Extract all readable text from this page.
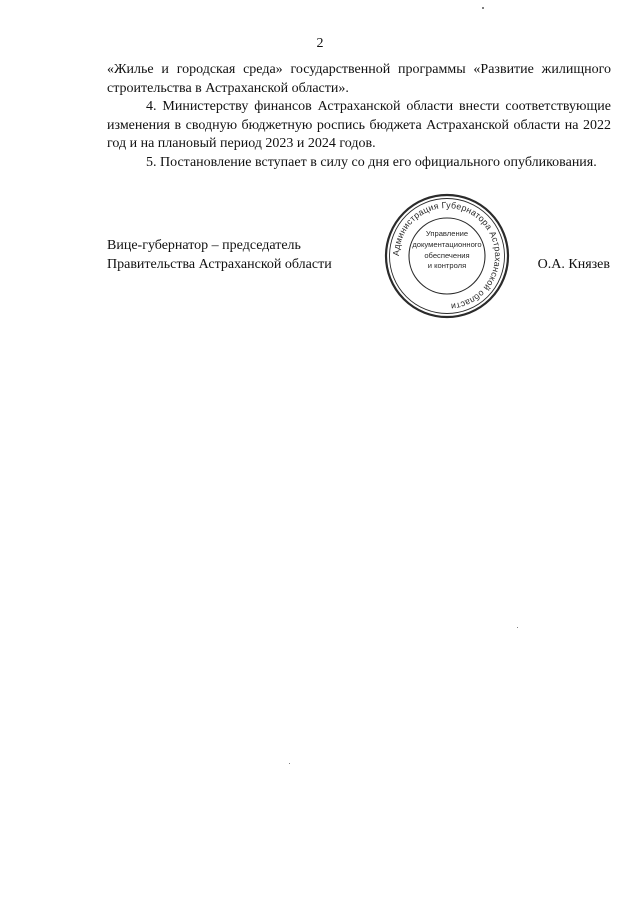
2

«Жилье и городская среда» государственной программы «Развитие жилищного строительства в Астраханской области».

4. Министерству финансов Астраханской области внести соответствующие изменения в сводную бюджетную роспись бюджета Астраханской области на 2022 год и на плановый период 2023 и 2024 годов.

5. Постановление вступает в силу со дня его официального опубликования.

Вице-губернатор – председатель
Правительства Астраханской области
Администрация Губернатора Астраханской области
Управление
документационного
обеспечения
и контроля	О.А. Князев
